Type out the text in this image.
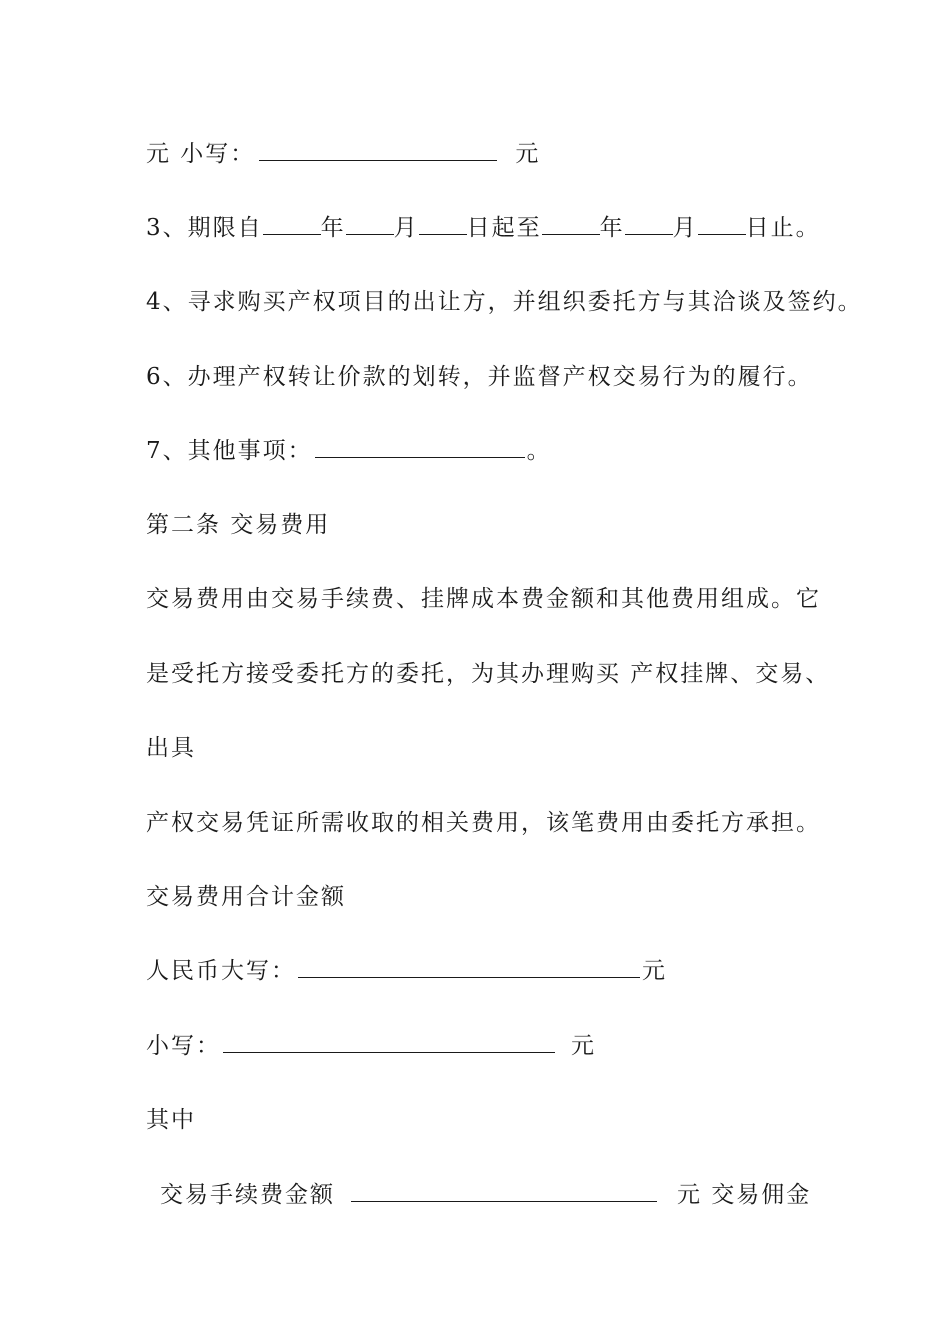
元 小写：	元
3、期限自	年 月 日起至	年 月 日止。
4、寻求购买产权项目的出让方，并组织委托方与其洽谈及签约。
6、办理产权转让价款的划转，并监督产权交易行为的履行。
7、其他事项：	。
第二条 交易费用
交易费用由交易手续费、挂牌成本费金额和其他费用组成。它
是受托方接受委托方的委托，为其办理购买 产权挂牌、交易、
出具
产权交易凭证所需收取的相关费用，该笔费用由委托方承担。
交易费用合计金额
人民币大写：	元
小写：	元
其中
交易手续费金额	元 交易佣金
